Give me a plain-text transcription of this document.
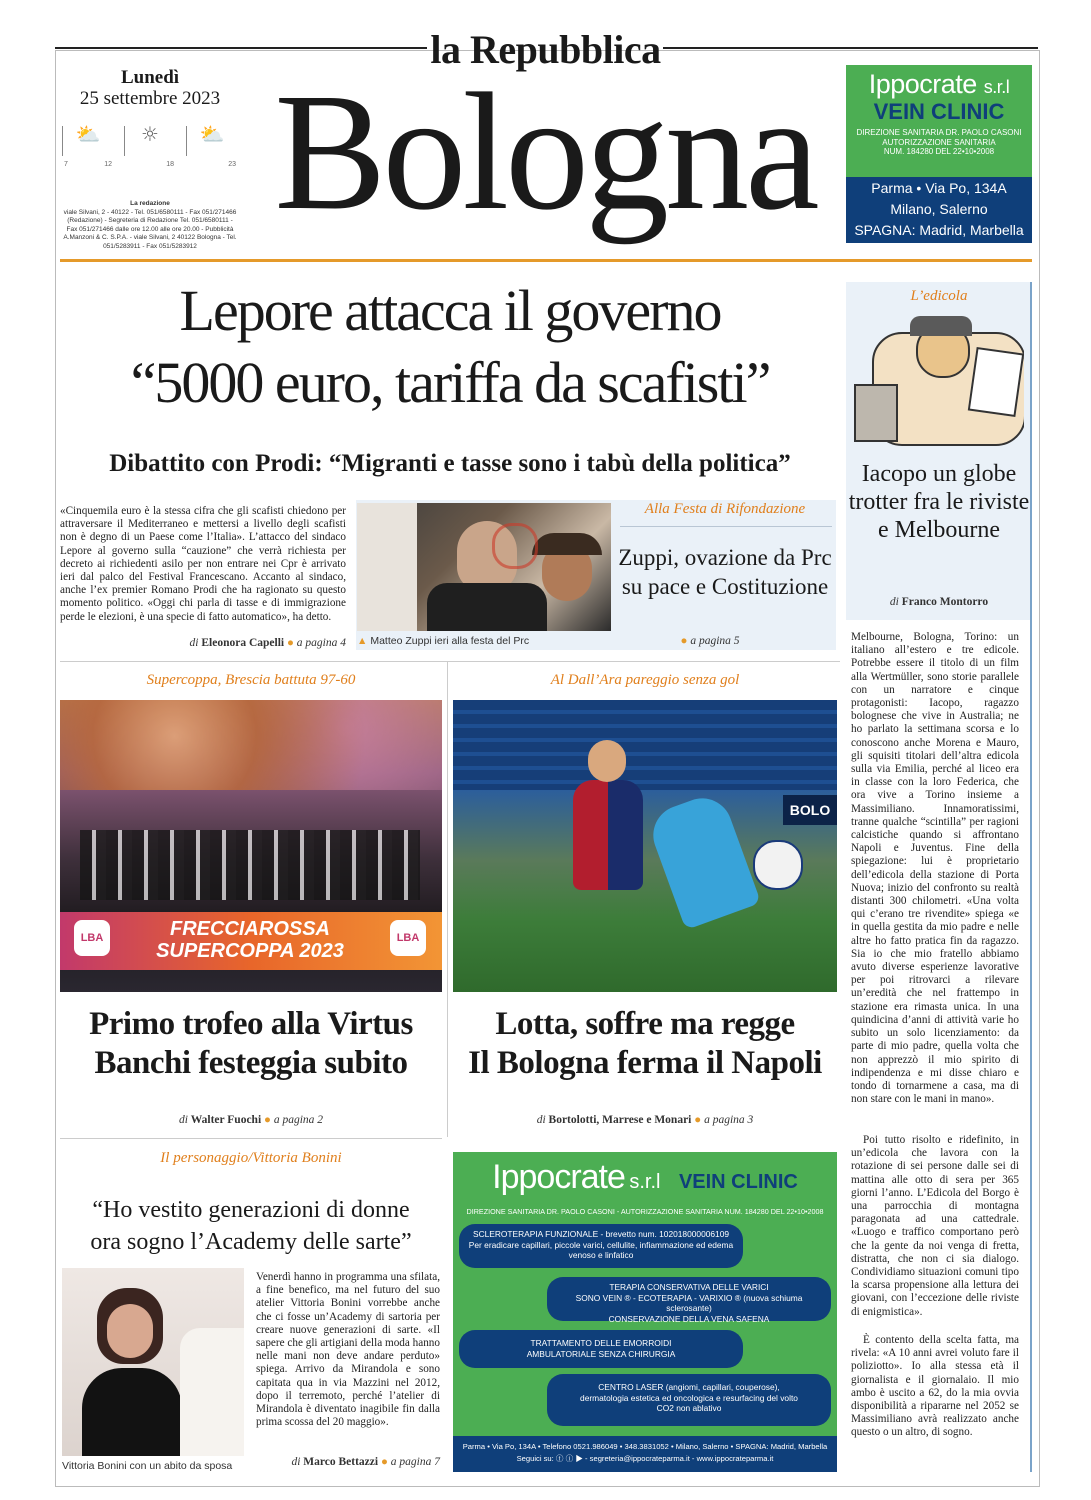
la Repubblica
Bologna
Lunedì
25 settembre 2023
⛅
7	12
☼
18
⛅
23
La redazione
viale Silvani, 2 - 40122 - Tel. 051/6580111 - Fax 051/271466 (Redazione) - Segreteria di Redazione Tel. 051/6580111 - Fax 051/271466 dalle ore 12.00 alle ore 20.00 - Pubblicità A.Manzoni & C. S.P.A. - viale Silvani, 2 40122 Bologna - Tel. 051/5283911 - Fax 051/5283912
Ippocrate s.r.l
VEIN CLINIC
DIREZIONE SANITARIA DR. PAOLO CASONI
AUTORIZZAZIONE SANITARIA
NUM. 184280 DEL 22•10•2008
Parma • Via Po, 134A
Milano, Salerno
SPAGNA: Madrid, Marbella
Lepore attacca il governo
“5000 euro, tariffa da scafisti”
Dibattito con Prodi: “Migranti e tasse sono i tabù della politica”
«Cinquemila euro è la stessa cifra che gli scafisti chiedono per attraversare il Mediterraneo e mettersi a livello degli scafisti non è degno di un Paese come l’Italia». L’attacco del sindaco Lepore al governo sulla “cauzione” che verrà richiesta per decreto ai richiedenti asilo per non entrare nei Cpr è arrivato ieri dal palco del Festival Francescano. Accanto al sindaco, anche l’ex premier Romano Prodi che ha ragionato su questo momento politico. «Oggi chi parla di tasse e di immigrazione perde le elezioni, è una specie di fatto automatico», ha detto.
di Eleonora Capelli ● a pagina 4 ▲ Matteo Zuppi ieri alla festa del Prc
Alla Festa di Rifondazione
Zuppi, ovazione da Prc su pace e Costituzione
● a pagina 5
Supercoppa, Brescia battuta 97-60
LBA	FRECCIAROSSA
SUPERCOPPA 2023
LBA
Primo trofeo alla Virtus
Banchi festeggia subito
di Walter Fuochi ● a pagina 2
Al Dall’Ara pareggio senza gol
BOLO
Lotta, soffre ma regge
Il Bologna ferma il Napoli
di Bortolotti, Marrese e Monari ● a pagina 3
Il personaggio/Vittoria Bonini
“Ho vestito generazioni di donne
ora sogno l’Academy delle sarte”
Vittoria Bonini con un abito da sposa
Venerdì hanno in programma una sfilata, a fine benefico, ma nel futuro del suo atelier Vittoria Bonini vorrebbe anche che ci fosse un’Academy di sartoria per creare nuove generazioni di sarte. «Il sapere che gli artigiani della moda hanno nelle mani non deve andare perduto» spiega. Arrivo da Mirandola e sono capitata qua in via Mazzini nel 2012, dopo il terremoto, perché l’atelier di Mirandola è diventato inagibile fin dalla prima scossa del 20 maggio».
di Marco Bettazzi ● a pagina 7
Ippocrate s.r.l VEIN CLINIC
DIREZIONE SANITARIA DR. PAOLO CASONI - AUTORIZZAZIONE SANITARIA NUM. 184280 DEL 22•10•2008
SCLEROTERAPIA FUNZIONALE - brevetto num. 102018000006109
Per eradicare capillari, piccole varici, cellulite, infiammazione ed edema venoso e linfatico
TERAPIA CONSERVATIVA DELLE VARICI
SONO VEIN ® - ECOTERAPIA - VARIXIO ® (nuova schiuma sclerosante)
CONSERVAZIONE DELLA VENA SAFENA
TRATTAMENTO DELLE EMORROIDI
AMBULATORIALE SENZA CHIRURGIA
CENTRO LASER (angiomi, capillari, couperose),
dermatologia estetica ed oncologica e resurfacing del volto
CO2 non ablativo
Parma • Via Po, 134A • Telefono 0521.986049 • 348.3831052 • Milano, Salerno • SPAGNA: Madrid, Marbella
Seguici su: ⓕ ⓘ ▶ - segreteria@ippocrateparma.it - www.ippocrateparma.it
L’edicola
Iacopo un globe trotter fra le riviste e Melbourne
di Franco Montorro
Melbourne, Bologna, Torino: un italiano all’estero e tre edicole. Potrebbe essere il titolo di un film alla Wertmüller, sono storie parallele con un narratore e cinque protagonisti: Iacopo, ragazzo bolognese che vive in Australia; ne ho parlato la settimana scorsa e lo conoscono anche Morena e Mauro, gli squisiti titolari dell’altra edicola sulla via Emilia, perché al liceo era in classe con la loro Federica, che ora vive a Torino insieme a Massimiliano. Innamoratissimi, tranne qualche “scintilla” per ragioni calcistiche quando si affrontano Napoli e Juventus. Fine della spiegazione: lui è proprietario dell’edicola della stazione di Porta Nuova; inizio del confronto su realtà distanti 300 chilometri. «Una volta qui c’erano tre rivendite» spiega «e in quella gestita da mio padre e nelle altre ho fatto pratica fin da ragazzo. Sia io che mio fratello abbiamo avuto diverse esperienze lavorative per poi ritrovarci a rilevare un’eredità che nel frattempo in stazione era rimasta unica. In una quindicina d’anni di attività varie ho subito un solo licenziamento: da parte di mio padre, quella volta che non apprezzò il mio spirito di indipendenza e mi disse chiaro e tondo di tornarmene a casa, ma di non stare con le mani in mano».
Poi tutto risolto e ridefinito, in un’edicola che lavora con la rotazione di sei persone dalle sei di mattina alle otto di sera per 365 giorni l’anno. L’Edicola del Borgo è una parrocchia di montagna paragonata ad una cattedrale. «Luogo e traffico comportano però che la gente da noi venga di fretta, distratta, che non ci sia dialogo. Condividiamo situazioni comuni tipo la scarsa propensione alla lettura dei giovani, con l’eccezione delle riviste di enigmistica».
È contento della scelta fatta, ma rivela: «A 10 anni avrei voluto fare il poliziotto». Io alla stessa età il giornalista e il giornalaio. Il mio ambo è uscito a 62, do la mia ovvia disponibilità a ripararne nel 2052 se Massimiliano avrà realizzato anche questo o un altro, di sogno.
